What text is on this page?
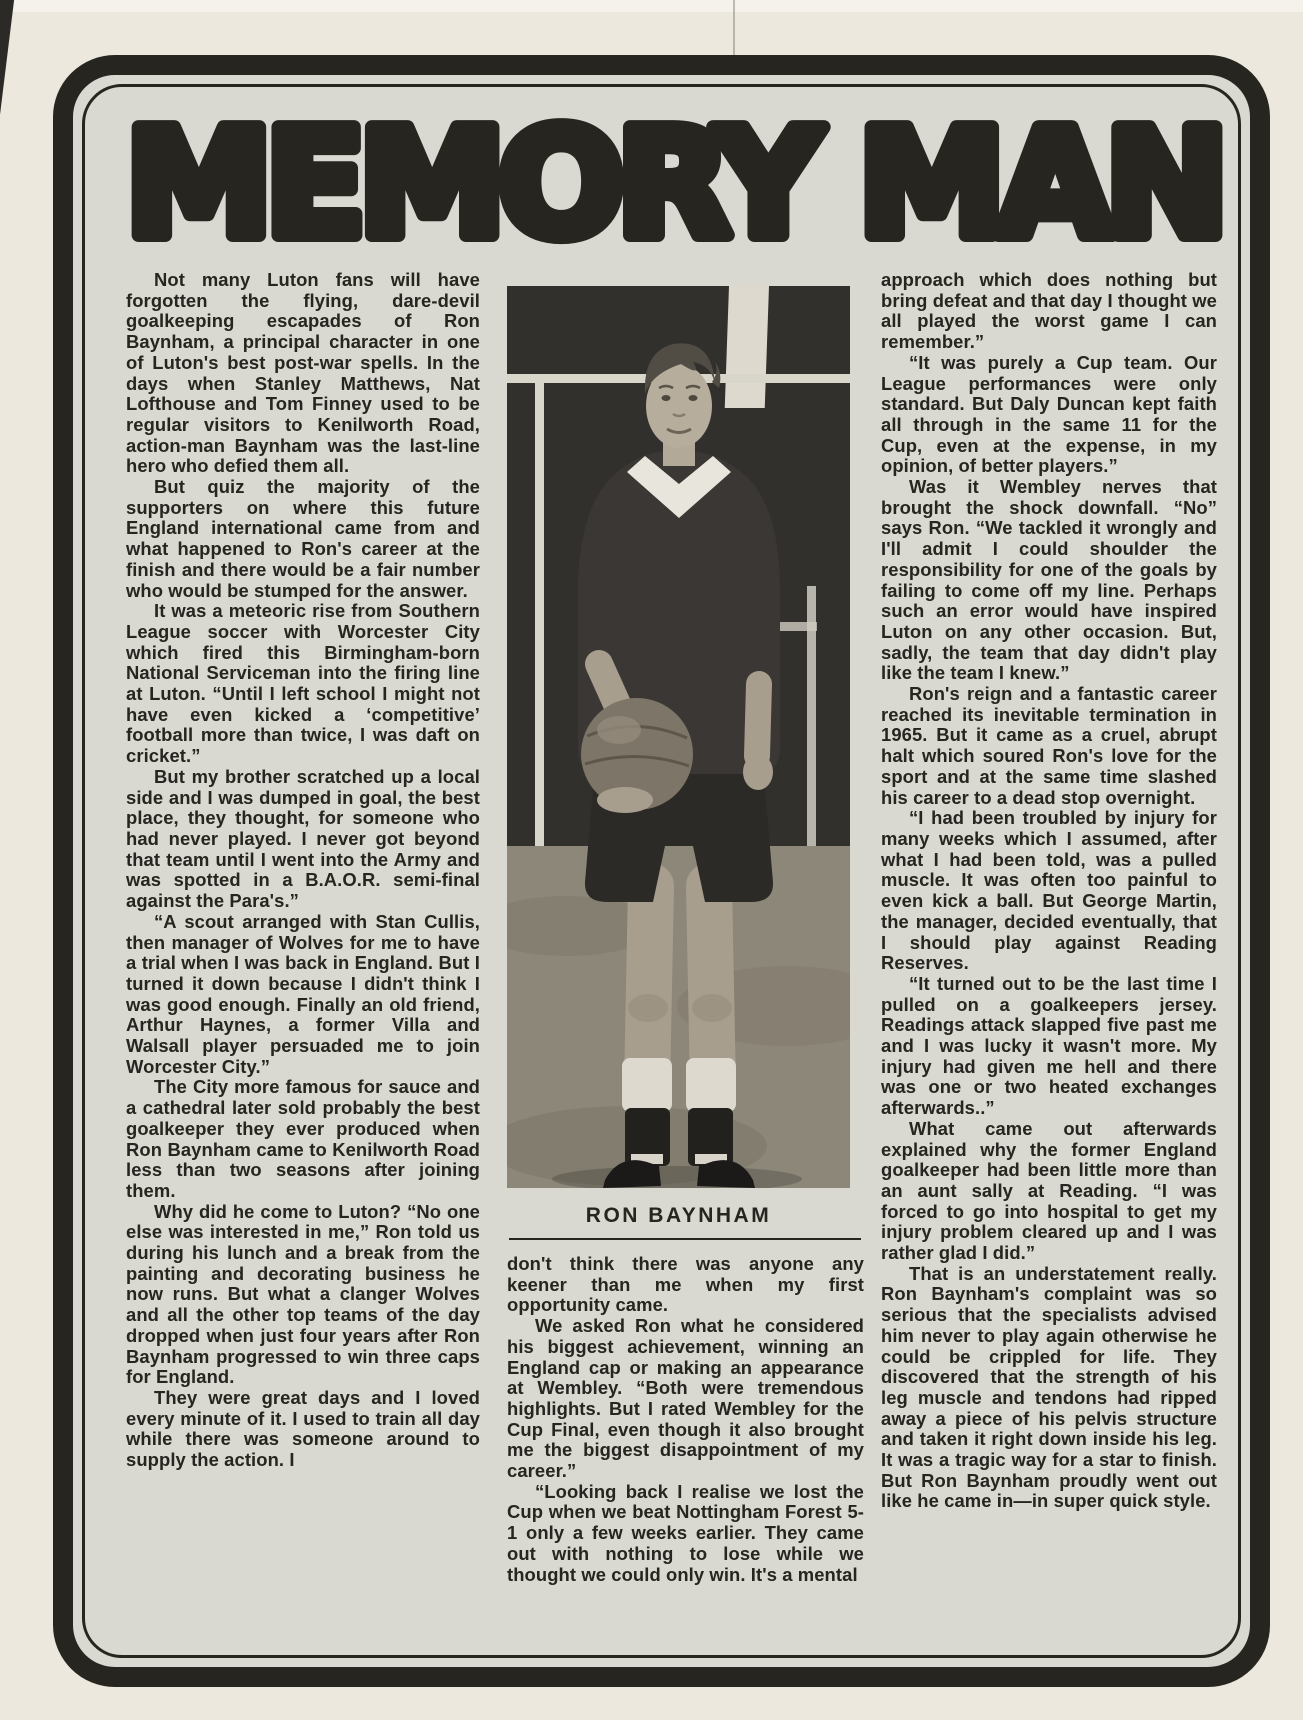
MEMORY MAN

Not many Luton fans will have forgotten the flying, dare-devil goalkeeping escapades of Ron Baynham, a principal character in one of Luton's best post-war spells. In the days when Stanley Matthews, Nat Lofthouse and Tom Finney used to be regular visitors to Kenilworth Road, action-man Baynham was the last-line hero who defied them all.

But quiz the majority of the supporters on where this future England international came from and what happened to Ron's career at the finish and there would be a fair number who would be stumped for the answer.

It was a meteoric rise from Southern League soccer with Worcester City which fired this Birmingham-born National Serviceman into the firing line at Luton. “Until I left school I might not have even kicked a ‘competitive’ football more than twice, I was daft on cricket.”

But my brother scratched up a local side and I was dumped in goal, the best place, they thought, for someone who had never played. I never got beyond that team until I went into the Army and was spotted in a B.A.O.R. semi-final against the Para's.”

“A scout arranged with Stan Cullis, then manager of Wolves for me to have a trial when I was back in England. But I turned it down because I didn't think I was good enough. Finally an old friend, Arthur Haynes, a former Villa and Walsall player persuaded me to join Worcester City.”

The City more famous for sauce and a cathedral later sold probably the best goalkeeper they ever produced when Ron Baynham came to Kenilworth Road less than two seasons after joining them.

Why did he come to Luton? “No one else was interested in me,” Ron told us during his lunch and a break from the painting and decorating business he now runs. But what a clanger Wolves and all the other top teams of the day dropped when just four years after Ron Baynham progressed to win three caps for England.

They were great days and I loved every minute of it. I used to train all day while there was someone around to supply the action. I

RON BAYNHAM

don't think there was anyone any keener than me when my first opportunity came.

We asked Ron what he considered his biggest achievement, winning an England cap or making an appearance at Wembley. “Both were tremendous highlights. But I rated Wembley for the Cup Final, even though it also brought me the biggest disappointment of my career.”

“Looking back I realise we lost the Cup when we beat Nottingham Forest 5-1 only a few weeks earlier. They came out with nothing to lose while we thought we could only win. It's a mental

approach which does nothing but bring defeat and that day I thought we all played the worst game I can remember.”

“It was purely a Cup team. Our League performances were only standard. But Daly Duncan kept faith all through in the same 11 for the Cup, even at the expense, in my opinion, of better players.”

Was it Wembley nerves that brought the shock downfall. “No” says Ron. “We tackled it wrongly and I'll admit I could shoulder the responsibility for one of the goals by failing to come off my line. Perhaps such an error would have inspired Luton on any other occasion. But, sadly, the team that day didn't play like the team I knew.”

Ron's reign and a fantastic career reached its inevitable termination in 1965. But it came as a cruel, abrupt halt which soured Ron's love for the sport and at the same time slashed his career to a dead stop overnight.

“I had been troubled by injury for many weeks which I assumed, after what I had been told, was a pulled muscle. It was often too painful to even kick a ball. But George Martin, the manager, decided eventually, that I should play against Reading Reserves.

“It turned out to be the last time I pulled on a goalkeepers jersey. Readings attack slapped five past me and I was lucky it wasn't more. My injury had given me hell and there was one or two heated exchanges afterwards..”

What came out afterwards explained why the former England goalkeeper had been little more than an aunt sally at Reading. “I was forced to go into hospital to get my injury problem cleared up and I was rather glad I did.”

That is an understatement really. Ron Baynham's complaint was so serious that the specialists advised him never to play again otherwise he could be crippled for life. They discovered that the strength of his leg muscle and tendons had ripped away a piece of his pelvis structure and taken it right down inside his leg. It was a tragic way for a star to finish. But Ron Baynham proudly went out like he came in—in super quick style.
